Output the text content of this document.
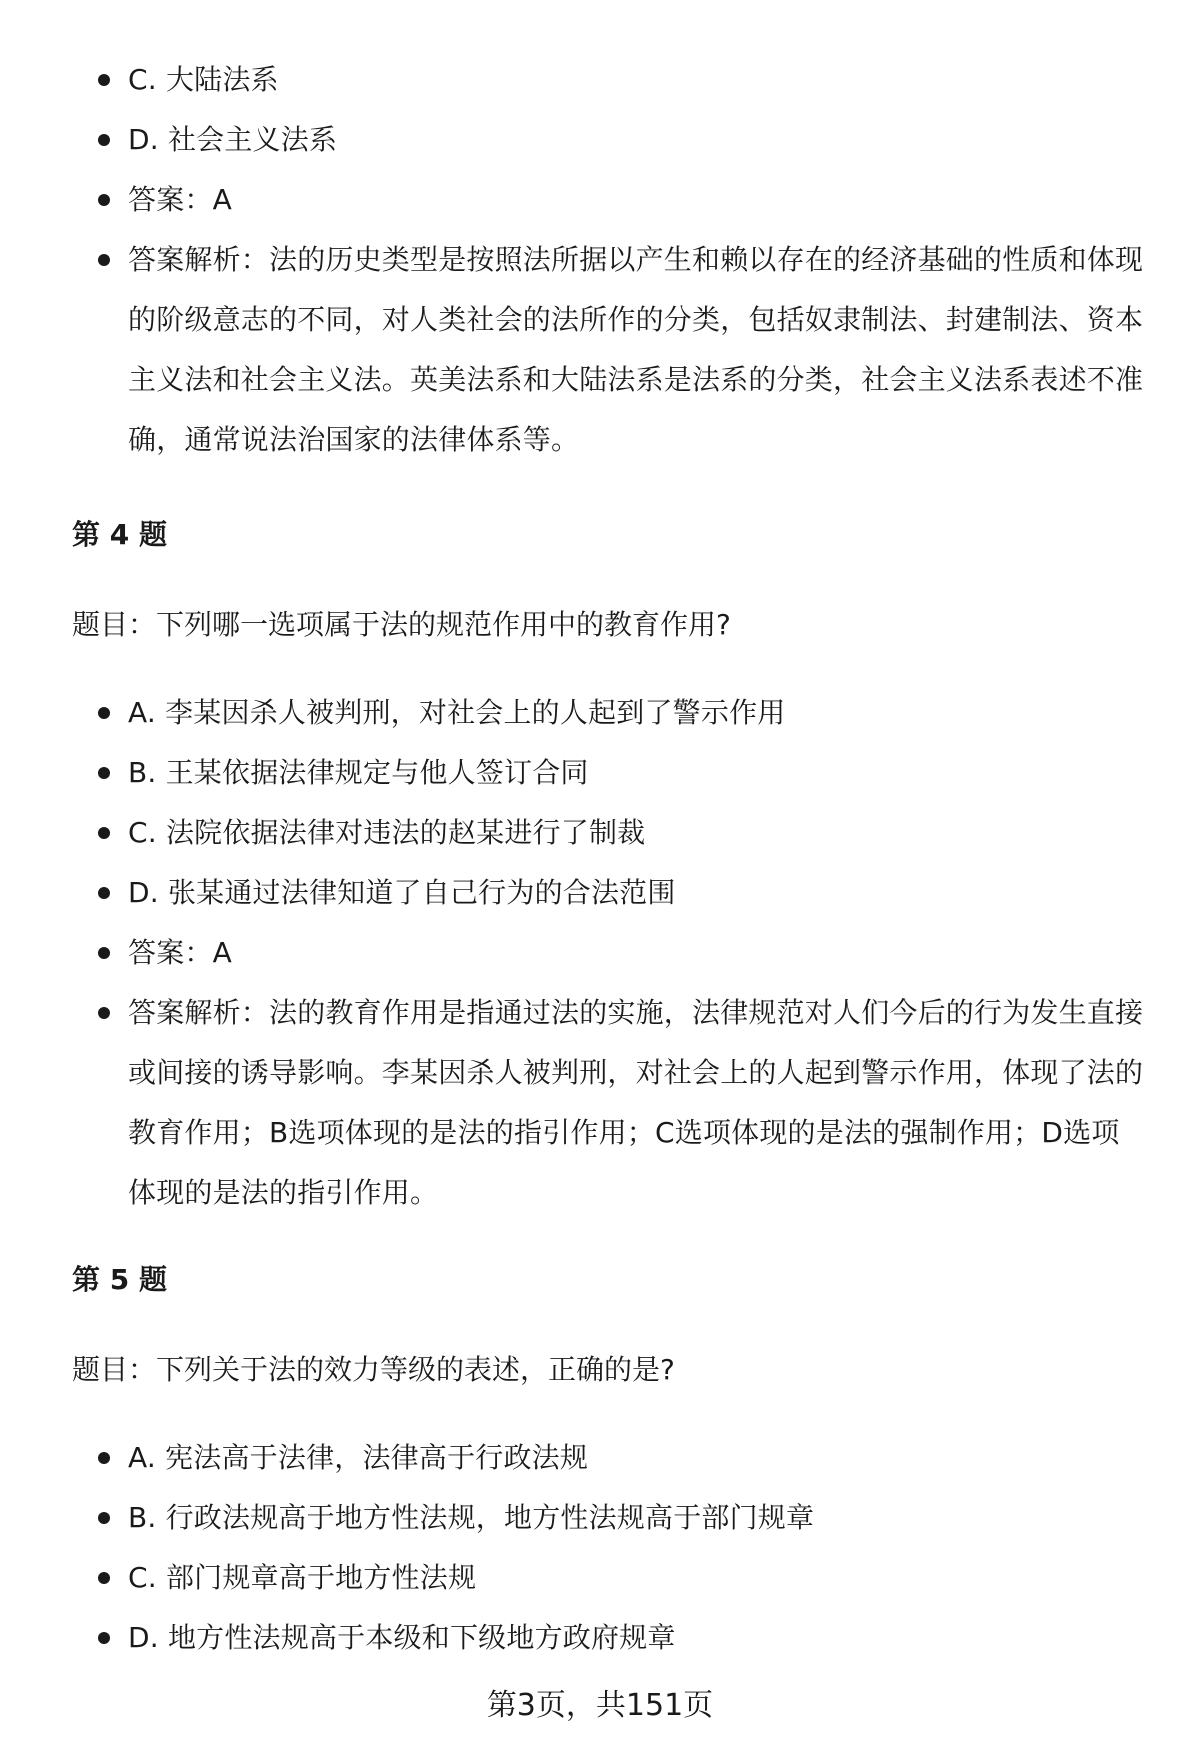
C. 大陆法系
D. 社会主义法系
答案：A
答案解析：法的历史类型是按照法所据以产生和赖以存在的经济基础的性质和体现的阶级意志的不同，对人类社会的法所作的分类，包括奴隶制法、封建制法、资本主义法和社会主义法。英美法系和大陆法系是法系的分类，社会主义法系表述不准确，通常说法治国家的法律体系等。
第 4 题
题目：下列哪一选项属于法的规范作用中的教育作用?
A. 李某因杀人被判刑，对社会上的人起到了警示作用
B. 王某依据法律规定与他人签订合同
C. 法院依据法律对违法的赵某进行了制裁
D. 张某通过法律知道了自己行为的合法范围
答案：A
答案解析：法的教育作用是指通过法的实施，法律规范对人们今后的行为发生直接或间接的诱导影响。李某因杀人被判刑，对社会上的人起到警示作用，体现了法的教育作用；B选项体现的是法的指引作用；C选项体现的是法的强制作用；D选项体现的是法的指引作用。
第 5 题
题目：下列关于法的效力等级的表述，正确的是?
A. 宪法高于法律，法律高于行政法规
B. 行政法规高于地方性法规，地方性法规高于部门规章
C. 部门规章高于地方性法规
D. 地方性法规高于本级和下级地方政府规章
第3页，共151页
